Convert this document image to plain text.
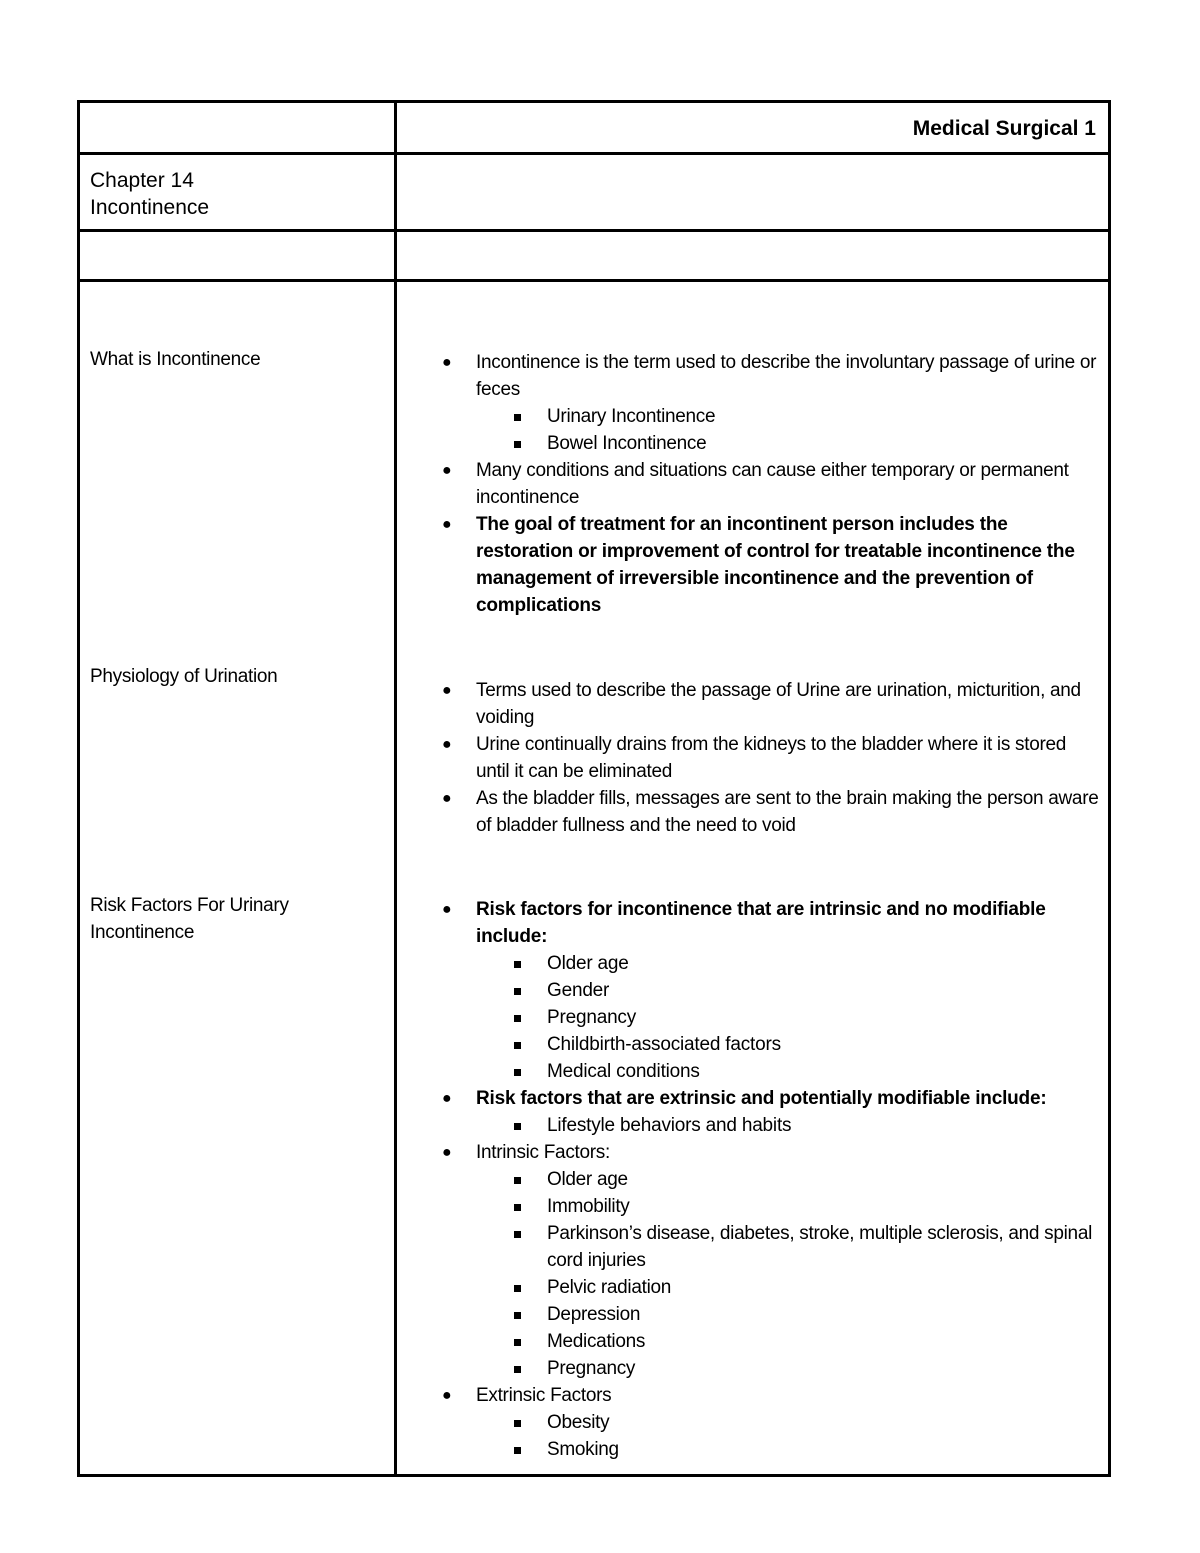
Medical Surgical 1
Chapter 14
Incontinence
What is Incontinence
Physiology of Urination
Risk Factors For Urinary Incontinence
● Incontinence is the term used to describe the involuntary passage of urine or feces
Urinary Incontinence
Bowel Incontinence
● Many conditions and situations can cause either temporary or permanent incontinence
● The goal of treatment for an incontinent person includes the restoration or improvement of control for treatable incontinence the management of irreversible incontinence and the prevention of complications
● Terms used to describe the passage of Urine are urination, micturition, and voiding
● Urine continually drains from the kidneys to the bladder where it is stored until it can be eliminated
● As the bladder fills, messages are sent to the brain making the person aware of bladder fullness and the need to void
● Risk factors for incontinence that are intrinsic and no modifiable include:
Older age
Gender
Pregnancy
Childbirth-associated factors
Medical conditions
● Risk factors that are extrinsic and potentially modifiable include:
Lifestyle behaviors and habits
● Intrinsic Factors:
Older age
Immobility
Parkinson’s disease, diabetes, stroke, multiple sclerosis, and spinal cord injuries
Pelvic radiation
Depression
Medications
Pregnancy
● Extrinsic Factors
Obesity
Smoking
